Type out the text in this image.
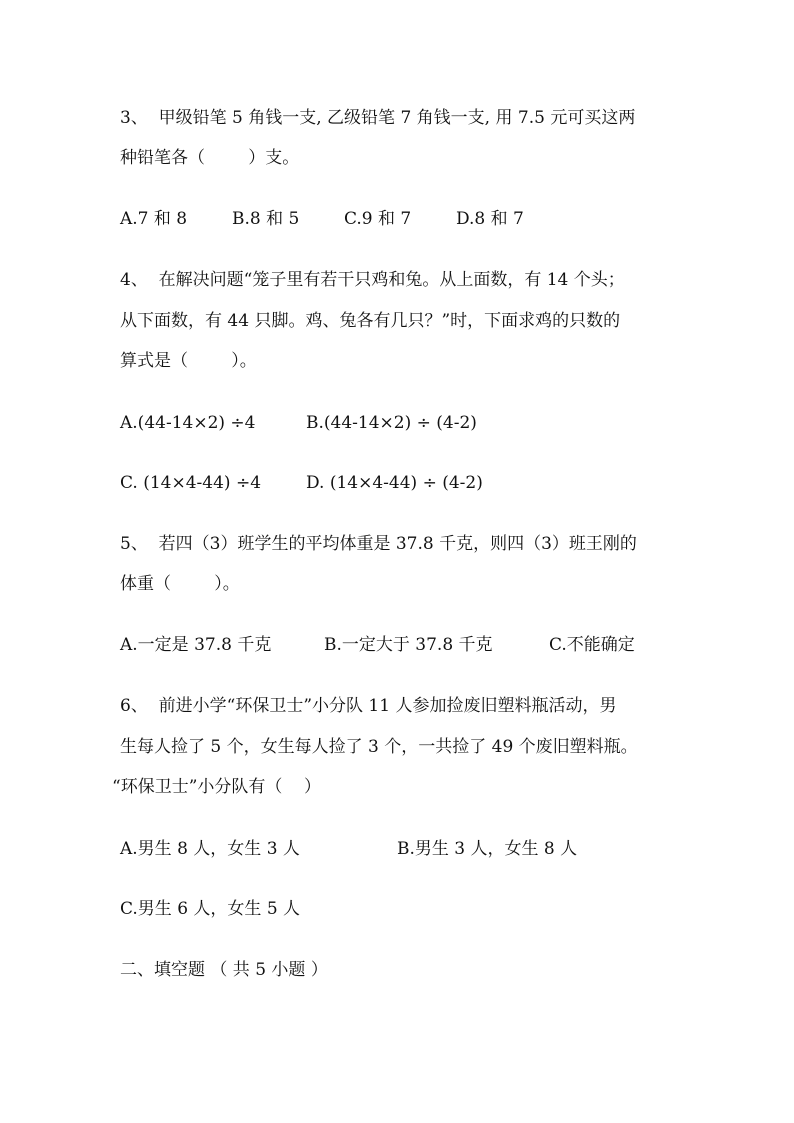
3、  甲级铅笔 5 角钱一支, 乙级铅笔 7 角钱一支, 用 7.5 元可买这两
种铅笔各（        ）支。
A.7 和 8	B.8 和 5	C.9 和 7	D.8 和 7
4、  在解决问题“笼子里有若干只鸡和兔。从上面数，有 14 个头；
从下面数，有 44 只脚。鸡、兔各有几只？”时，下面求鸡的只数的
算式是（        ）。
A.(44-14×2) ÷4	B.(44-14×2) ÷ (4-2)
C. (14×4-44) ÷4	D. (14×4-44) ÷ (4-2)
5、  若四（3）班学生的平均体重是 37.8 千克，则四（3）班王刚的
体重（        ）。
A.一定是 37.8 千克	B.一定大于 37.8 千克	C.不能确定
6、  前进小学“环保卫士”小分队 11 人参加捡废旧塑料瓶活动，男
生每人捡了 5 个，女生每人捡了 3 个，一共捡了 49 个废旧塑料瓶。
“环保卫士”小分队有（    ）
A.男生 8 人，女生 3 人	B.男生 3 人，女生 8 人
C.男生 6 人，女生 5 人
二、填空题 （ 共 5 小题 ）
